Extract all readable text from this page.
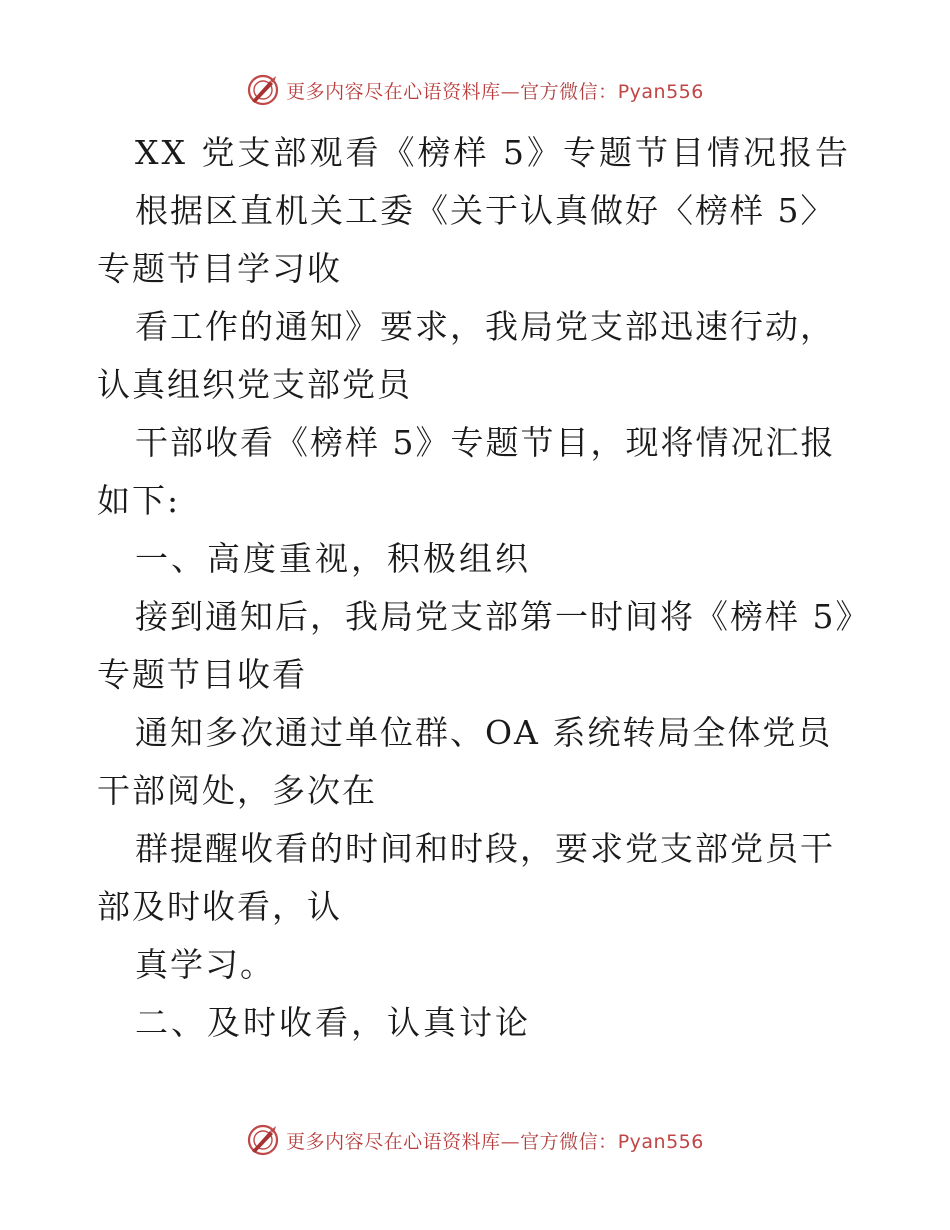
更多内容尽在心语资料库—官方微信：Pyan556

XX 党支部观看《榜样 5》专题节目情况报告

根据区直机关工委《关于认真做好〈榜样 5〉专题节目学习收

看工作的通知》要求，我局党支部迅速行动，认真组织党支部党员

干部收看《榜样 5》专题节目，现将情况汇报如下:

一、高度重视，积极组织

接到通知后，我局党支部第一时间将《榜样 5》专题节目收看

通知多次通过单位群、OA 系统转局全体党员干部阅处，多次在

群提醒收看的时间和时段，要求党支部党员干部及时收看，认

真学习。

二、及时收看，认真讨论

更多内容尽在心语资料库—官方微信：Pyan556
